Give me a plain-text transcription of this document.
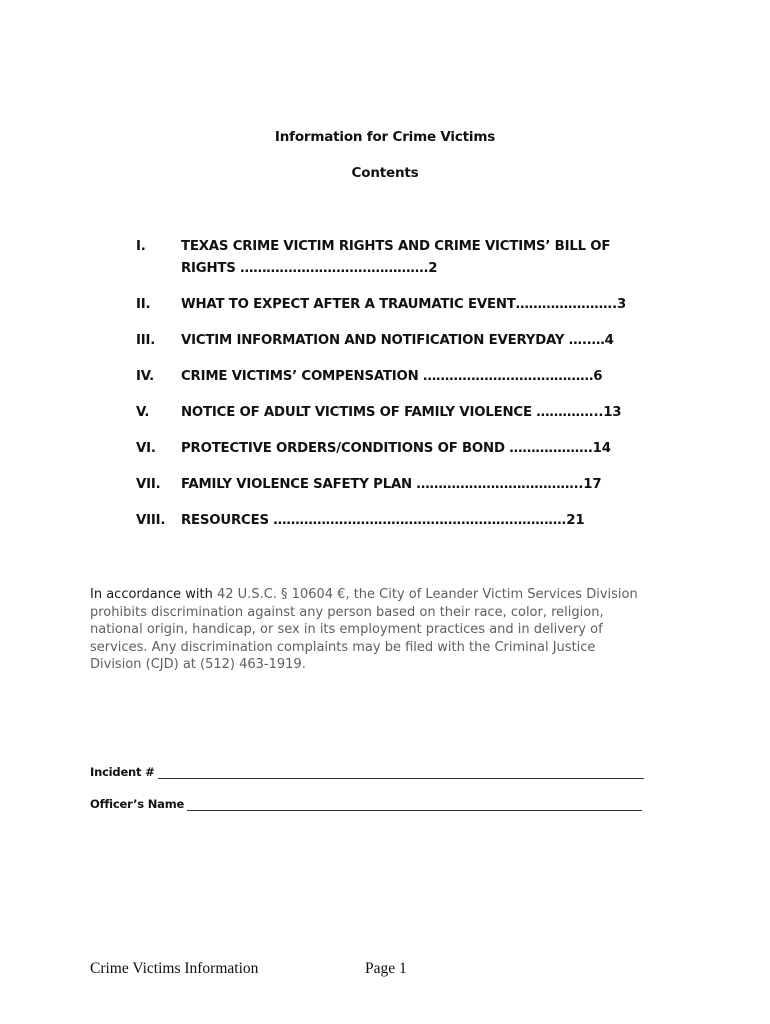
Information for Crime Victims
Contents
I.	TEXAS CRIME VICTIM RIGHTS AND CRIME VICTIMS’ BILL OF RIGHTS …………………………………….2
II. WHAT TO EXPECT AFTER A TRAUMATIC EVENT…………………..3
III. VICTIM INFORMATION AND NOTIFICATION EVERYDAY …..…4
IV. CRIME VICTIMS’ COMPENSATION …………………………………6
V. NOTICE OF ADULT VICTIMS OF FAMILY VIOLENCE …………...13
VI. PROTECTIVE ORDERS/CONDITIONS OF BOND ……………….14
VII. FAMILY VIOLENCE SAFETY PLAN ………………………………..17
VIII. RESOURCES ………………………………………………………….21
In accordance with 42 U.S.C. § 10604 €, the City of Leander Victim Services Division prohibits discrimination against any person based on their race, color, religion, national origin, handicap, or sex in its employment practices and in delivery of services. Any discrimination complaints may be filed with the Criminal Justice Division (CJD) at (512) 463-1919.
Incident #
Officer’s Name
Crime Victims Information	Page 1
